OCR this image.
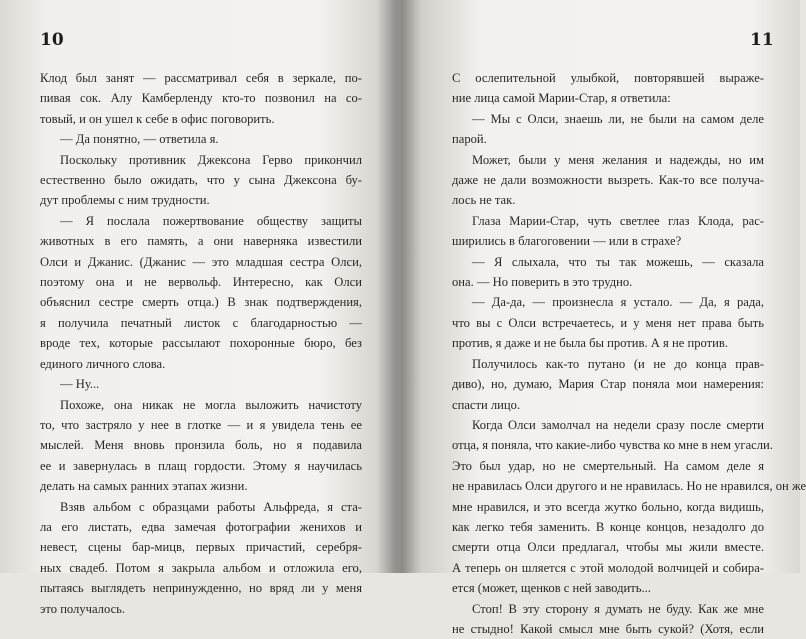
10	11
Клод был занят — рассматривал себя в зеркале, по-
пивая сок. Алу Камберленду кто-то позвонил на со-
товый, и он ушел к себе в офис поговорить.
— Да понятно, — ответила я.
Поскольку противник Джексона Герво прикончил
естественно было ожидать, что у сына Джексона бу-
дут проблемы с ним трудности.
— Я послала пожертвование обществу защиты
животных в его память, а они наверняка известили
Олси и Джанис. (Джанис — это младшая сестра Олси,
поэтому она и не вервольф. Интересно, как Олси
объяснил сестре смерть отца.) В знак подтверждения,
я получила печатный листок с благодарностью —
вроде тех, которые рассылают похоронные бюро, без
единого личного слова.
— Ну...
Похоже, она никак не могла выложить начистоту
то, что застряло у нее в глотке — и я увидела тень ее
мыслей. Меня вновь пронзила боль, но я подавила
ее и завернулась в плащ гордости. Этому я научилась
делать на самых ранних этапах жизни.
Взяв альбом с образцами работы Альфреда, я ста-
ла его листать, едва замечая фотографии женихов и
невест, сцены бар-мицв, первых причастий, серебря-
ных свадеб. Потом я закрыла альбом и отложила его,
пытаясь выглядеть непринужденно, но вряд ли у меня
это получалось.
С ослепительной улыбкой, повторявшей выраже-
ние лица самой Марии-Стар, я ответила:
— Мы с Олси, знаешь ли, не были на самом деле
парой.
Может, были у меня желания и надежды, но им
даже не дали возможности вызреть. Как-то все получа-
лось не так.
Глаза Марии-Стар, чуть светлее глаз Клода, рас-
ширились в благоговении — или в страхе?
— Я слыхала, что ты так можешь, — сказала
она. — Но поверить в это трудно.
— Да-да, — произнесла я устало. — Да, я рада,
что вы с Олси встречаетесь, и у меня нет права быть
против, я даже и не была бы против. А я не против.
Получилось как-то путано (и не до конца прав-
диво), но, думаю, Мария Стар поняла мои намерения:
спасти лицо.
Когда Олси замолчал на недели сразу после смерти
отца, я поняла, что какие-либо чувства ко мне в нем угасли.
Это был удар, но не смертельный. На самом деле я
не нравилась Олси другого и не нравилась. Но не нравился, он же
мне нравился, и это всегда жутко больно, когда видишь,
как легко тебя заменить. В конце концов, незадолго до
смерти отца Олси предлагал, чтобы мы жили вместе.
А теперь он шляется с этой молодой волчицей и собира-
ется (может, щенков с ней заводить...
Стоп! В эту сторону я думать не буду. Как же мне
не стыдно! Какой смысл мне быть сукой? (Хотя, если
